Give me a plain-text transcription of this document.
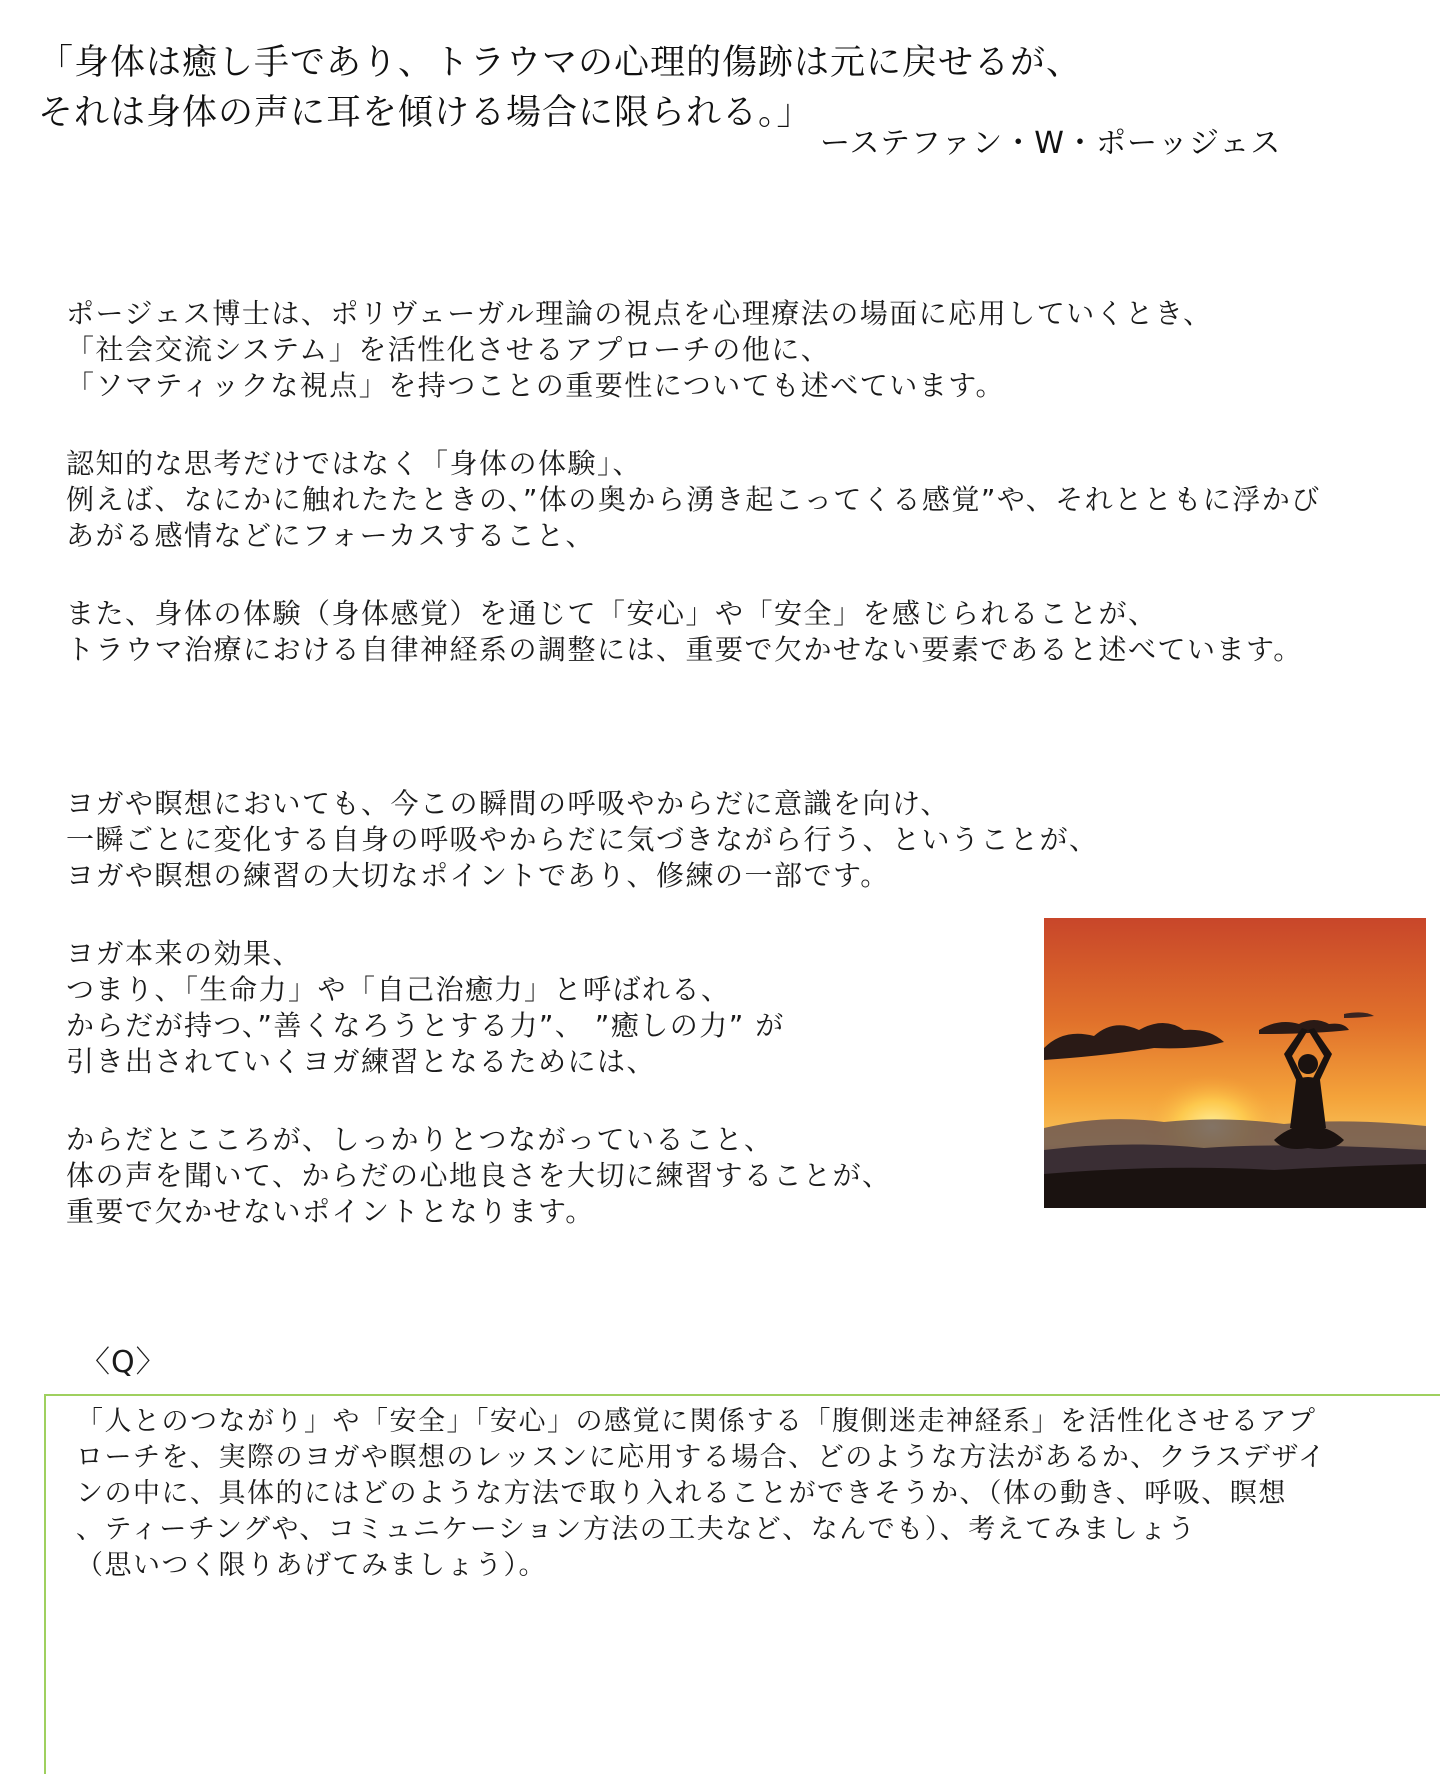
「身体は癒し手であり、トラウマの心理的傷跡は元に戻せるが、
それは身体の声に耳を傾ける場合に限られる。」
ーステファン・W・ポーッジェス
ポージェス博士は、ポリヴェーガル理論の視点を心理療法の場面に応用していくとき、
「社会交流システム」を活性化させるアプローチの他に、
「ソマティックな視点」を持つことの重要性についても述べています。
認知的な思考だけではなく「身体の体験」、
例えば、なにかに触れたたときの、”体の奥から湧き起こってくる感覚”や、それとともに浮かび
あがる感情などにフォーカスすること、
また、身体の体験（身体感覚）を通じて「安心」や「安全」を感じられることが、
トラウマ治療における自律神経系の調整には、重要で欠かせない要素であると述べています。
ヨガや瞑想においても、今この瞬間の呼吸やからだに意識を向け、
一瞬ごとに変化する自身の呼吸やからだに気づきながら行う、ということが、
ヨガや瞑想の練習の大切なポイントであり、修練の一部です。
ヨガ本来の効果、
つまり、「生命力」や「自己治癒力」と呼ばれる、
からだが持つ、”善くなろうとする力”、 ”癒しの力” が
引き出されていくヨガ練習となるためには、
からだとこころが、しっかりとつながっていること、
体の声を聞いて、からだの心地良さを大切に練習することが、
重要で欠かせないポイントとなります。
〈Q〉
「人とのつながり」や「安全」「安心」の感覚に関係する「腹側迷走神経系」を活性化させるアプ
ローチを、実際のヨガや瞑想のレッスンに応用する場合、どのような方法があるか、クラスデザイ
ンの中に、具体的にはどのような方法で取り入れることができそうか、（体の動き、呼吸、瞑想
、ティーチングや、コミュニケーション方法の工夫など、なんでも）、考えてみましょう
（思いつく限りあげてみましょう）。
